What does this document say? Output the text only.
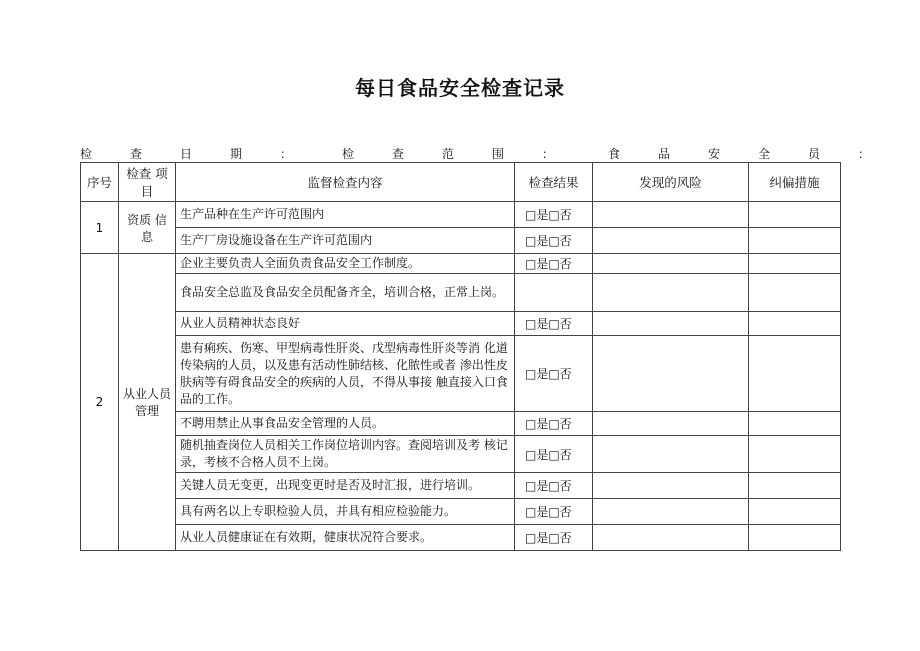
每日食品安全检查记录
检查日期： 检查范围： 食品安全员：
序号	检查 项目	监督检查内容	检查结果	发现的风险	纠偏措施
1	资质 信息	生产品种在生产许可范围内	□是□否		
		生产厂房设施设备在生产许可范围内	□是□否		
2	从业人员管理	企业主要负责人全面负责食品安全工作制度。	□是□否		
		食品安全总监及食品安全员配备齐全，培训合格，正常上岗。			
		从业人员精神状态良好	□是□否		
		患有痢疾、伤寒、甲型病毒性肝炎、戊型病毒性肝炎等消 化道传染病的人员，以及患有活动性肺结核、化脓性或者 渗出性皮肤病等有碍食品安全的疾病的人员，不得从事接 触直接入口食品的工作。	□是□否		
		不聘用禁止从事食品安全管理的人员。	□是□否		
		随机抽查岗位人员相关工作岗位培训内容。查阅培训及考 核记录，考核不合格人员不上岗。	□是□否		
		关键人员无变更，出现变更时是否及时汇报，进行培训。	□是□否		
		具有两名以上专职检验人员，并具有相应检验能力。	□是□否		
		从业人员健康证在有效期，健康状况符合要求。	□是□否		
